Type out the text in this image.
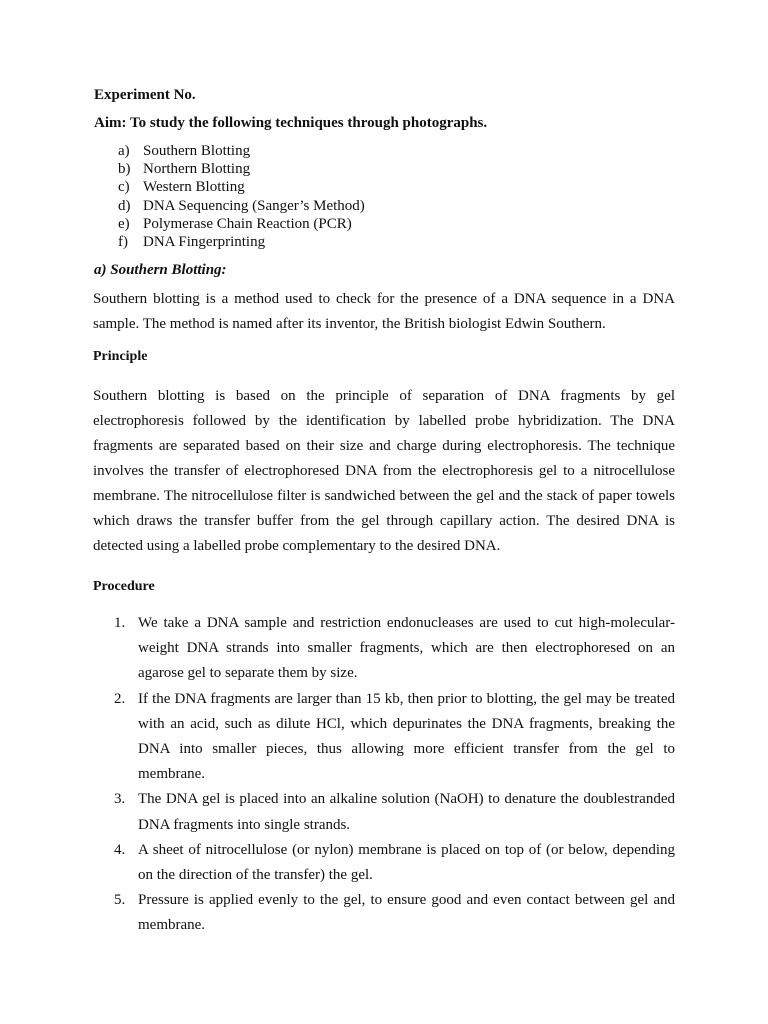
Experiment No.

Aim: To study the following techniques through photographs.

a) Southern Blotting
b) Northern Blotting
c) Western Blotting
d) DNA Sequencing (Sanger’s Method)
e) Polymerase Chain Reaction (PCR)
f)	DNA Fingerprinting

a) Southern Blotting:

Southern blotting is a method used to check for the presence of a DNA sequence in a DNA sample. The method is named after its inventor, the British biologist Edwin Southern.

Principle

Southern blotting is based on the principle of separation of DNA fragments by gel electrophoresis followed by the identification by labelled probe hybridization. The DNA fragments are separated based on their size and charge during electrophoresis. The technique involves the transfer of electrophoresed DNA from the electrophoresis gel to a nitrocellulose membrane. The nitrocellulose filter is sandwiched between the gel and the stack of paper towels which draws the transfer buffer from the gel through capillary action. The desired DNA is detected using a labelled probe complementary to the desired DNA.

Procedure

1. We take a DNA sample and restriction endonucleases are used to cut high-molecular-weight DNA strands into smaller fragments, which are then electrophoresed on an agarose gel to separate them by size.
2. If the DNA fragments are larger than 15 kb, then prior to blotting, the gel may be treated with an acid, such as dilute HCl, which depurinates the DNA fragments, breaking the DNA into smaller pieces, thus allowing more efficient transfer from the gel to membrane.
3. The DNA gel is placed into an alkaline solution (NaOH) to denature the doublestranded DNA fragments into single strands.
4. A sheet of nitrocellulose (or nylon) membrane is placed on top of (or below, depending on the direction of the transfer) the gel.
5. Pressure is applied evenly to the gel, to ensure good and even contact between gel and membrane.
